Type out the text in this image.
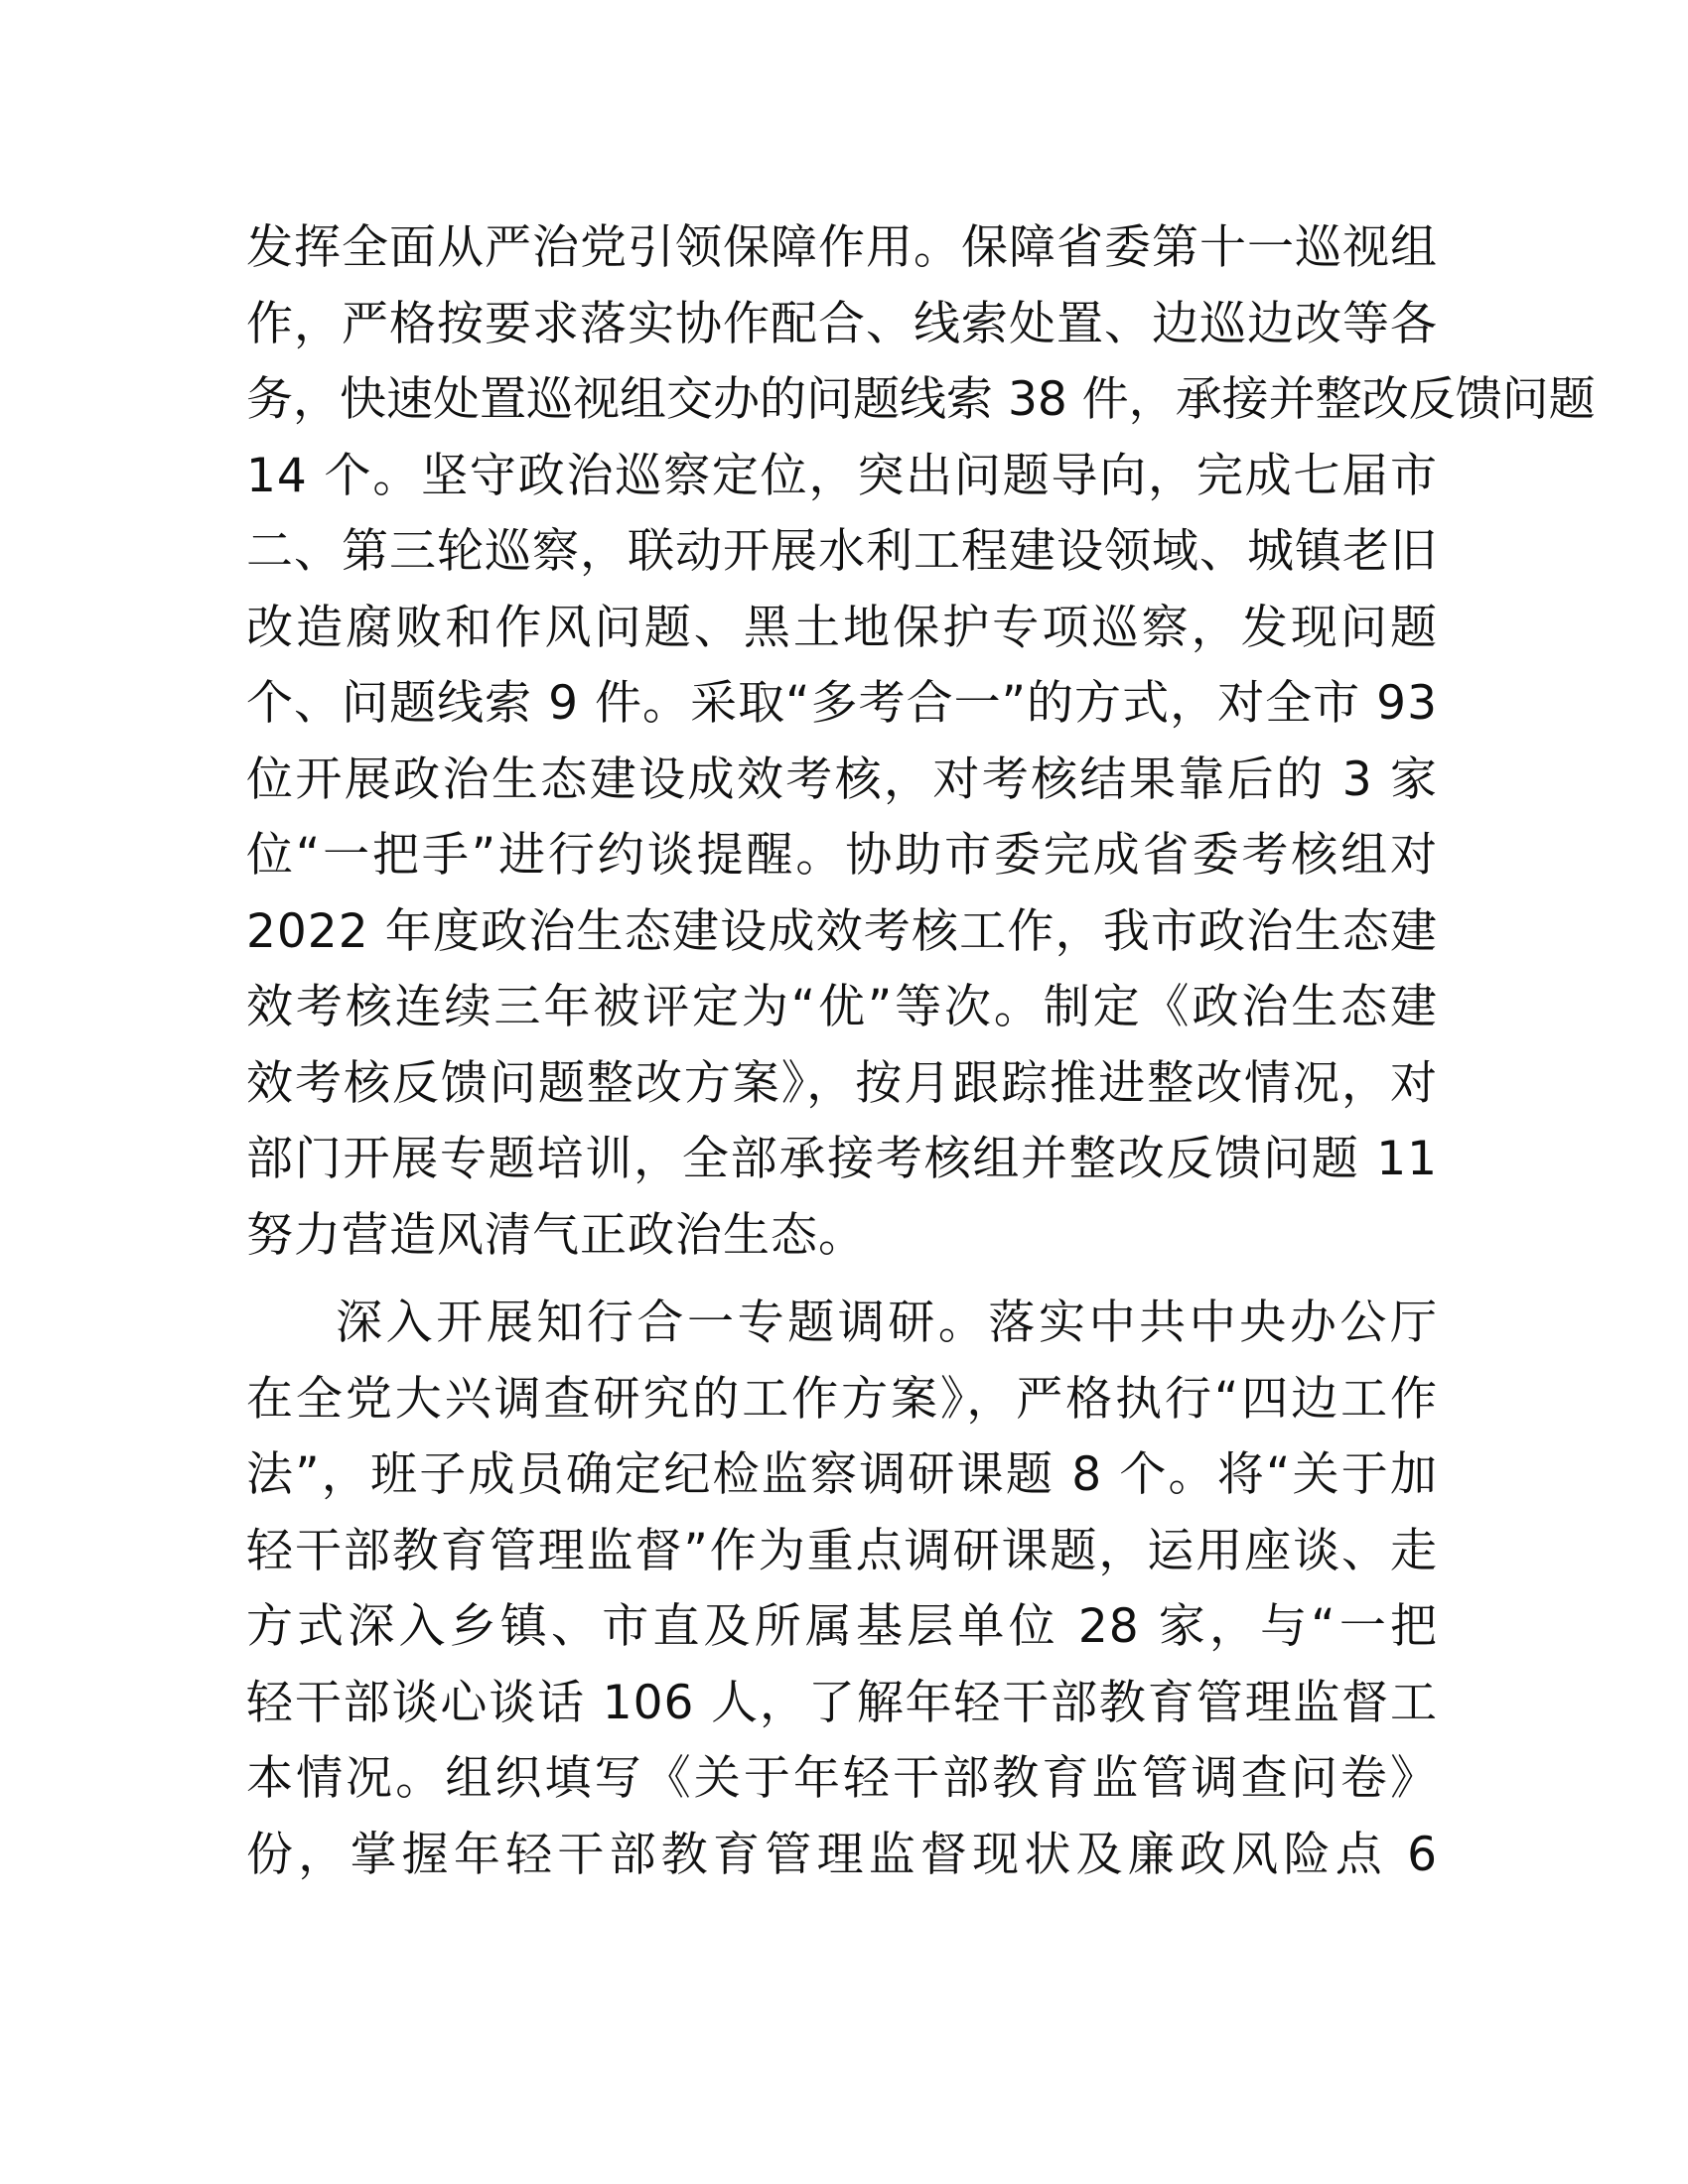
发挥全面从严治党引领保障作用。保障省委第十一巡视组
作，严格按要求落实协作配合、线索处置、边巡边改等各
务，快速处置巡视组交办的问题线索 38 件，承接并整改反馈问题
14 个。坚守政治巡察定位，突出问题导向，完成七届市
二、第三轮巡察，联动开展水利工程建设领域、城镇老旧
改造腐败和作风问题、黑土地保护专项巡察，发现问题
个、问题线索 9 件。采取“多考合一”的方式，对全市 93
位开展政治生态建设成效考核，对考核结果靠后的 3 家
位“一把手”进行约谈提醒。协助市委完成省委考核组对
2022 年度政治生态建设成效考核工作，我市政治生态建
效考核连续三年被评定为“优”等次。制定《政治生态建
效考核反馈问题整改方案》，按月跟踪推进整改情况，对
部门开展专题培训，全部承接考核组并整改反馈问题 11
努力营造风清气正政治生态。
深入开展知行合一专题调研。落实中共中央办公厅
在全党大兴调查研究的工作方案》，严格执行“四边工作
法”，班子成员确定纪检监察调研课题 8 个。将“关于加
轻干部教育管理监督”作为重点调研课题，运用座谈、走
方式深入乡镇、市直及所属基层单位 28 家，与“一把
轻干部谈心谈话 106 人，了解年轻干部教育管理监督工
本情况。组织填写《关于年轻干部教育监管调查问卷》
份，掌握年轻干部教育管理监督现状及廉政风险点 6
